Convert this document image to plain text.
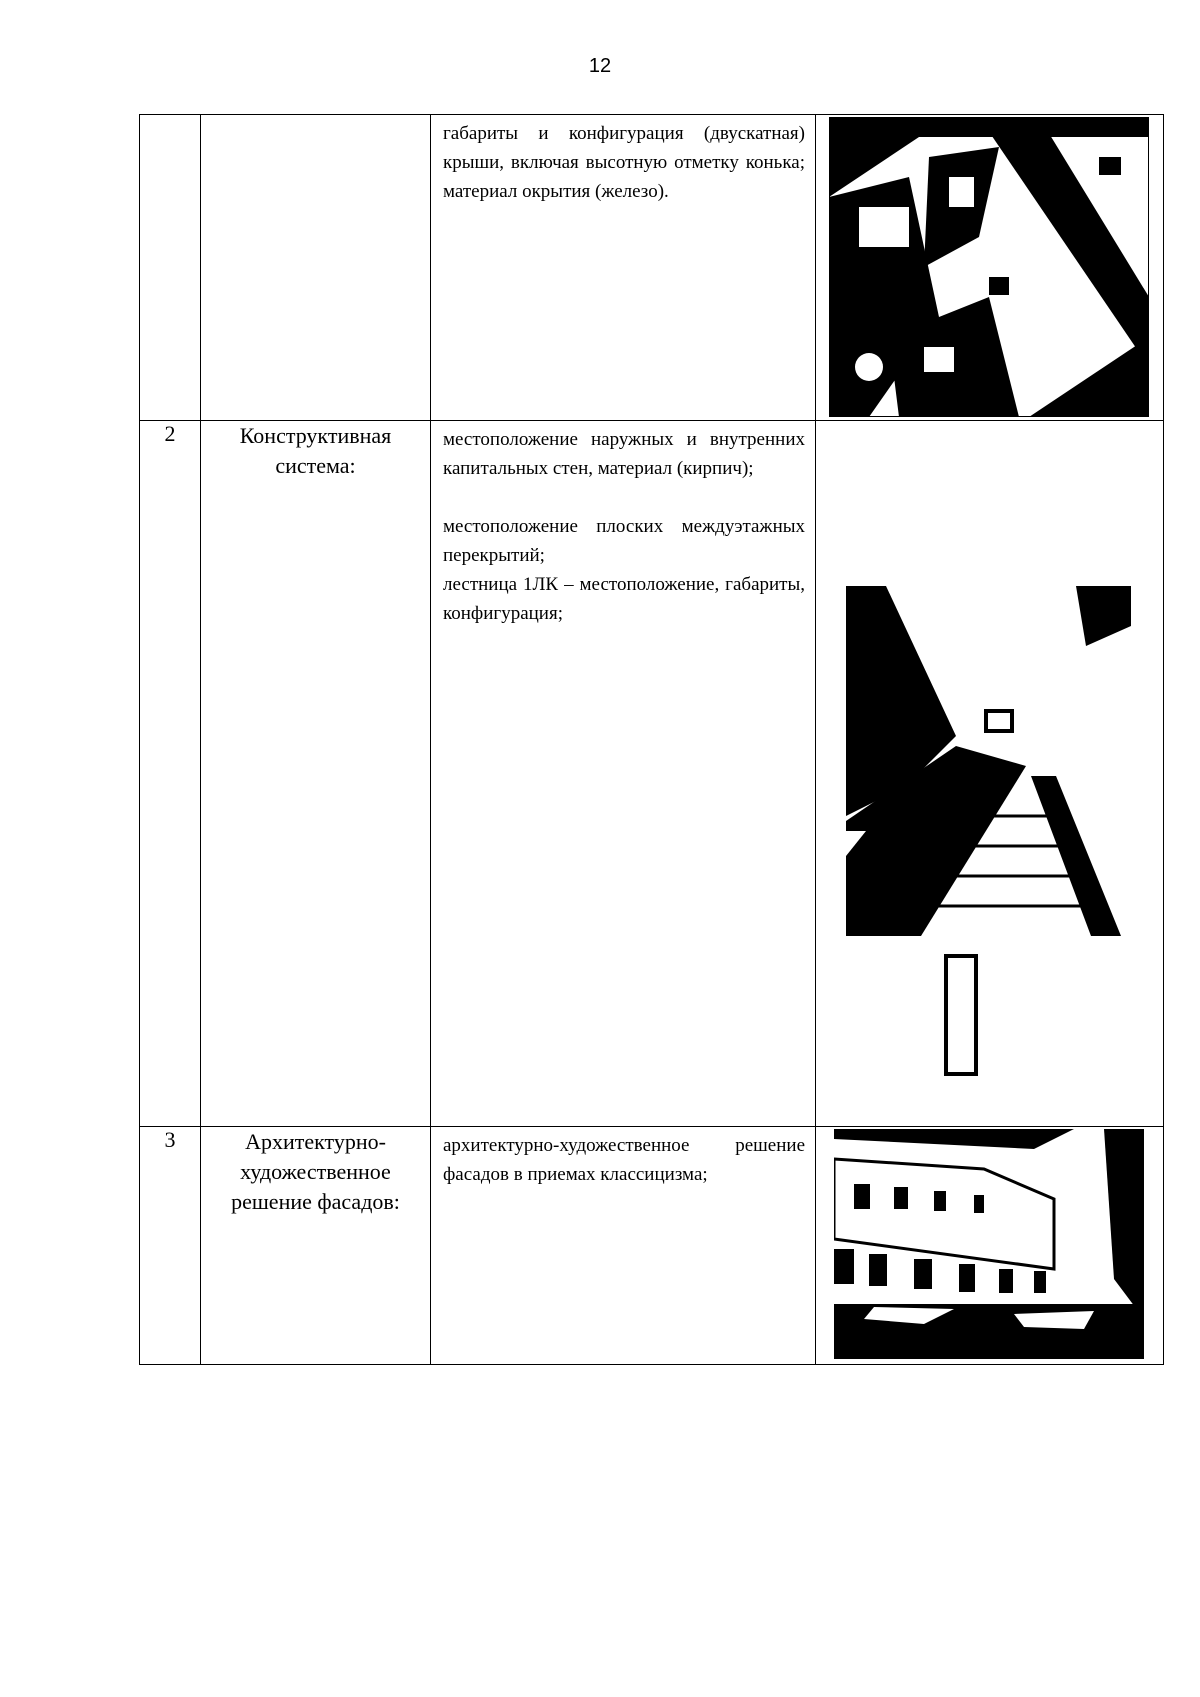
12

		габариты и конфигурация (двускатная) крыши, включая высотную отметку конька; материал окрытия (железо).

2	Конструктивная система:	местоположение наружных и внутренних капитальных стен, материал (кирпич);

местоположение плоских междуэтажных перекрытий;

лестница 1ЛК – местоположение, габариты, конфигурация;

3	Архитектурно-художественное решение фасадов:	архитектурно-художественное решение фасадов в приемах классицизма;
